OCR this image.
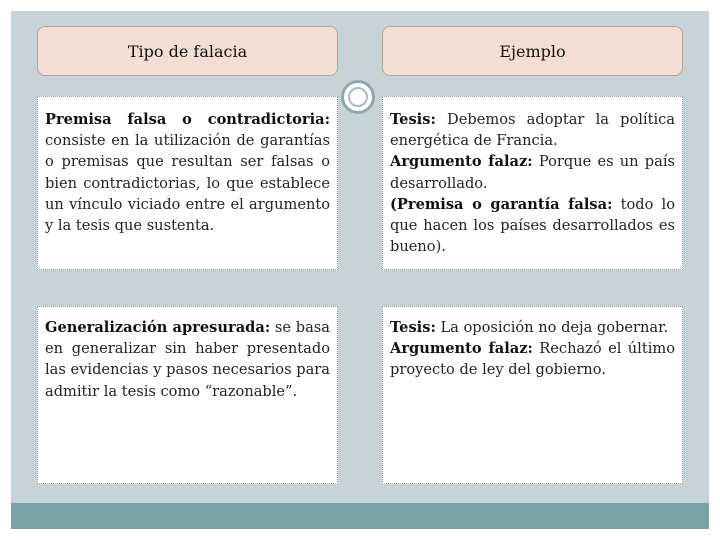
Tipo de falacia	Ejemplo
Premisa falsa o contradictoria: consiste en la utilización de garantías o premisas que resultan ser falsas o bien contradictorias, lo que establece un vínculo viciado entre el argumento y la tesis que sustenta.
Tesis: Debemos adoptar la política energética de Francia.
Argumento falaz: Porque es un país desarrollado.
(Premisa o garantía falsa: todo lo que hacen los países desarrollados es bueno).
Generalización apresurada: se basa en generalizar sin haber presentado las evidencias y pasos necesarios para admitir la tesis como “razonable”.
Tesis: La oposición no deja gobernar.
Argumento falaz: Rechazó el último proyecto de ley del gobierno.
